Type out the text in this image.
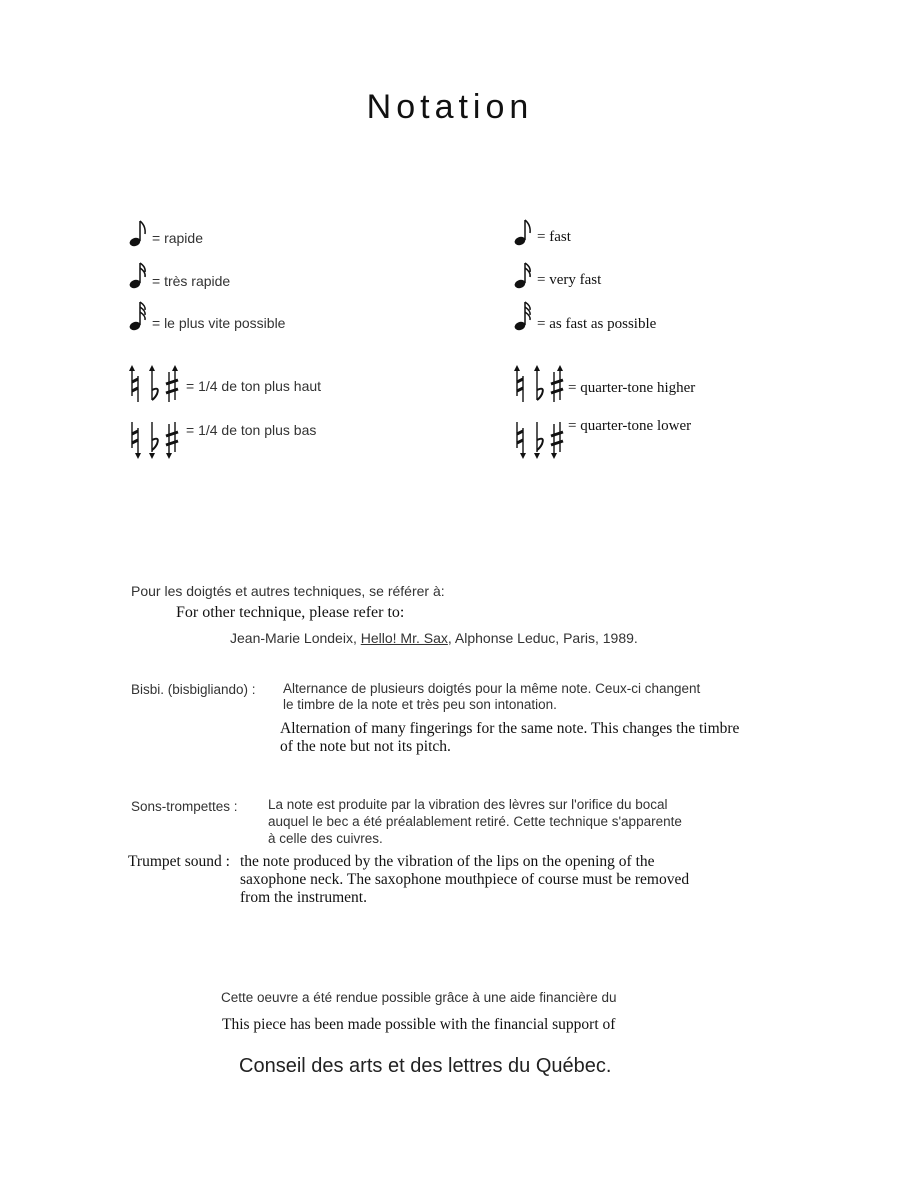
Notation
= rapide
= très rapide
= le plus vite possible
= fast
= very fast
= as fast as possible
= 1/4 de ton plus haut
= 1/4 de ton plus bas
= quarter-tone higher
= quarter-tone lower
Pour les doigtés et autres techniques, se référer à:
For other technique, please refer to:
Jean-Marie Londeix, Hello! Mr. Sax, Alphonse Leduc, Paris, 1989.
Bisbi. (bisbigliando) : Alternance de plusieurs doigtés pour la même note. Ceux-ci changent
le timbre de la note et très peu son intonation.
Alternation of many fingerings for the same note. This changes the timbre
of the note but not its pitch.
Sons-trompettes : La note est produite par la vibration des lèvres sur l'orifice du bocal
auquel le bec a été préalablement retiré. Cette technique s'apparente
à celle des cuivres.
Trumpet sound : the note produced by the vibration of the lips on the opening of the
saxophone neck. The saxophone mouthpiece of course must be removed
from the instrument.
Cette oeuvre a été rendue possible grâce à une aide financière du
This piece has been made possible with the financial support of
Conseil des arts et des lettres du Québec.
